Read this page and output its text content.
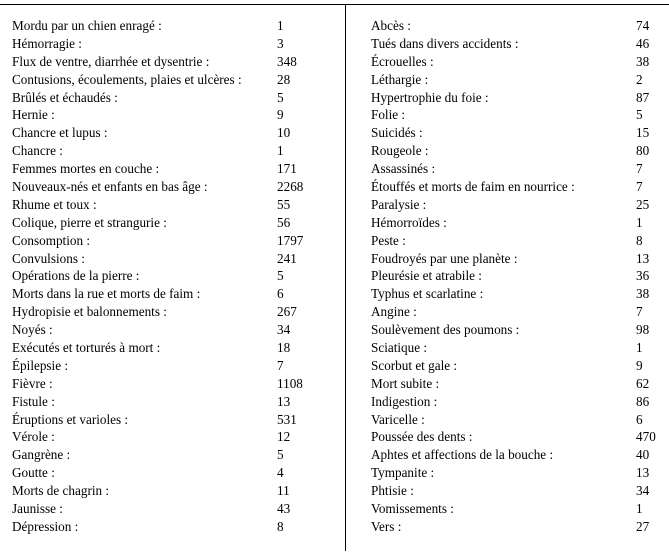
Mordu par un chien enragé :	1
Hémorragie :	3
Flux de ventre, diarrhée et dysentrie :	348
Contusions, écoulements, plaies et ulcères :	28
Brûlés et échaudés :	5
Hernie :	9
Chancre et lupus :	10
Chancre :	1
Femmes mortes en couche :	171
Nouveaux-nés et enfants en bas âge :	2268
Rhume et toux :	55
Colique, pierre et strangurie :	56
Consomption :	1797
Convulsions :	241
Opérations de la pierre :	5
Morts dans la rue et morts de faim :	6
Hydropisie et balonnements :	267
Noyés :	34
Exécutés et torturés à mort :	18
Épilepsie :	7
Fièvre :	1108
Fistule :	13
Éruptions et varioles :	531
Vérole :	12
Gangrène :	5
Goutte :	4
Morts de chagrin :	11
Jaunisse :	43
Dépression :	8
Abcès :	74
Tués dans divers accidents :	46
Écrouelles :	38
Léthargie :	2
Hypertrophie du foie :	87
Folie :	5
Suicidés :	15
Rougeole :	80
Assassinés :	7
Étouffés et morts de faim en nourrice :	7
Paralysie :	25
Hémorroïdes :	1
Peste :	8
Foudroyés par une planète :	13
Pleurésie et atrabile :	36
Typhus et scarlatine :	38
Angine :	7
Soulèvement des poumons :	98
Sciatique :	1
Scorbut et gale :	9
Mort subite :	62
Indigestion :	86
Varicelle :	6
Poussée des dents :	470
Aphtes et affections de la bouche :	40
Tympanite :	13
Phtisie :	34
Vomissements :	1
Vers :	27
